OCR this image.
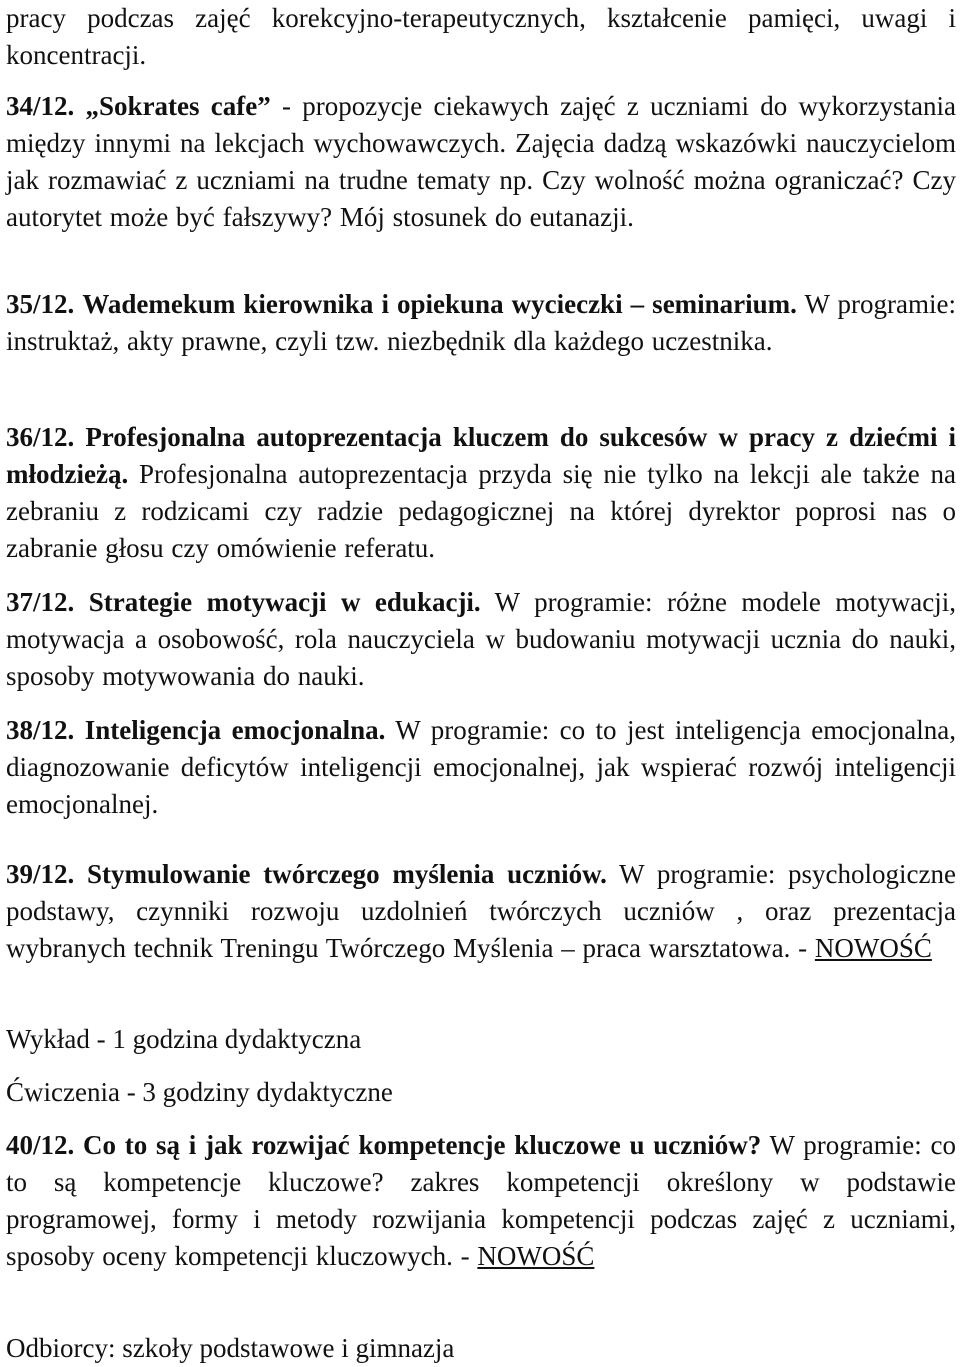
pracy podczas zajęć korekcyjno-terapeutycznych, kształcenie pamięci, uwagi i koncentracji.
34/12. „Sokrates cafe” - propozycje ciekawych zajęć z uczniami do wykorzystania między innymi na lekcjach wychowawczych. Zajęcia dadzą wskazówki nauczycielom jak rozmawiać z uczniami na trudne tematy np. Czy wolność można ograniczać? Czy autorytet może być fałszywy? Mój stosunek do eutanazji.
35/12. Wademekum kierownika i opiekuna wycieczki – seminarium. W programie: instruktaż, akty prawne, czyli tzw. niezbędnik dla każdego uczestnika.
36/12. Profesjonalna autoprezentacja kluczem do sukcesów w pracy z dziećmi i młodzieżą. Profesjonalna autoprezentacja przyda się nie tylko na lekcji ale także na zebraniu z rodzicami czy radzie pedagogicznej na której dyrektor poprosi nas o zabranie głosu czy omówienie referatu.
37/12. Strategie motywacji w edukacji. W programie: różne modele motywacji, motywacja a osobowość, rola nauczyciela w budowaniu motywacji ucznia do nauki, sposoby motywowania do nauki.
38/12. Inteligencja emocjonalna. W programie: co to jest inteligencja emocjonalna, diagnozowanie deficytów inteligencji emocjonalnej, jak wspierać rozwój inteligencji emocjonalnej.
39/12. Stymulowanie twórczego myślenia uczniów. W programie: psychologiczne podstawy, czynniki rozwoju uzdolnień twórczych uczniów , oraz prezentacja wybranych technik Treningu Twórczego Myślenia – praca warsztatowa. - NOWOŚĆ
Wykład - 1 godzina dydaktyczna
Ćwiczenia - 3 godziny dydaktyczne
40/12. Co to są i jak rozwijać kompetencje kluczowe u uczniów? W programie: co to są kompetencje kluczowe? zakres kompetencji określony w podstawie programowej, formy i metody rozwijania kompetencji podczas zajęć z uczniami, sposoby oceny kompetencji kluczowych. - NOWOŚĆ
Odbiorcy: szkoły podstawowe i gimnazja
